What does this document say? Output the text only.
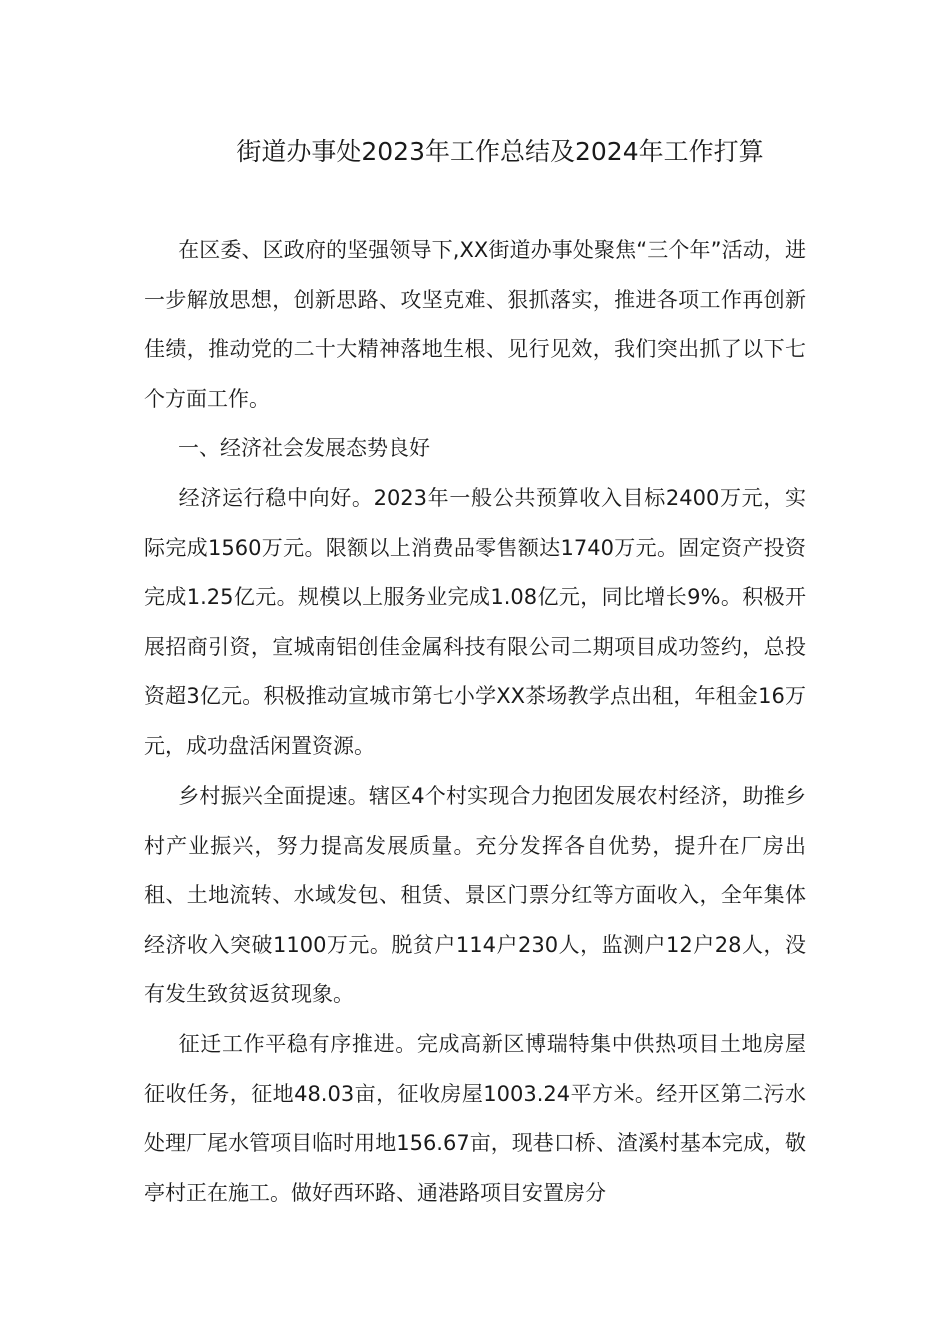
街道办事处2023年工作总结及2024年工作打算

在区委、区政府的坚强领导下,XX街道办事处聚焦“三个年”活动，进一步解放思想，创新思路、攻坚克难、狠抓落实，推进各项工作再创新佳绩，推动党的二十大精神落地生根、见行见效，我们突出抓了以下七个方面工作。

一、经济社会发展态势良好

经济运行稳中向好。2023年一般公共预算收入目标2400万元，实际完成1560万元。限额以上消费品零售额达1740万元。固定资产投资完成1.25亿元。规模以上服务业完成1.08亿元，同比增长9%。积极开展招商引资，宣城南铝创佳金属科技有限公司二期项目成功签约，总投资超3亿元。积极推动宣城市第七小学XX茶场教学点出租，年租金16万元，成功盘活闲置资源。

乡村振兴全面提速。辖区4个村实现合力抱团发展农村经济，助推乡村产业振兴，努力提高发展质量。充分发挥各自优势，提升在厂房出租、土地流转、水域发包、租赁、景区门票分红等方面收入，全年集体经济收入突破1100万元。脱贫户114户230人，监测户12户28人，没有发生致贫返贫现象。

征迁工作平稳有序推进。完成高新区博瑞特集中供热项目土地房屋征收任务，征地48.03亩，征收房屋1003.24平方米。经开区第二污水处理厂尾水管项目临时用地156.67亩，现巷口桥、渣溪村基本完成，敬亭村正在施工。做好西环路、通港路项目安置房分
